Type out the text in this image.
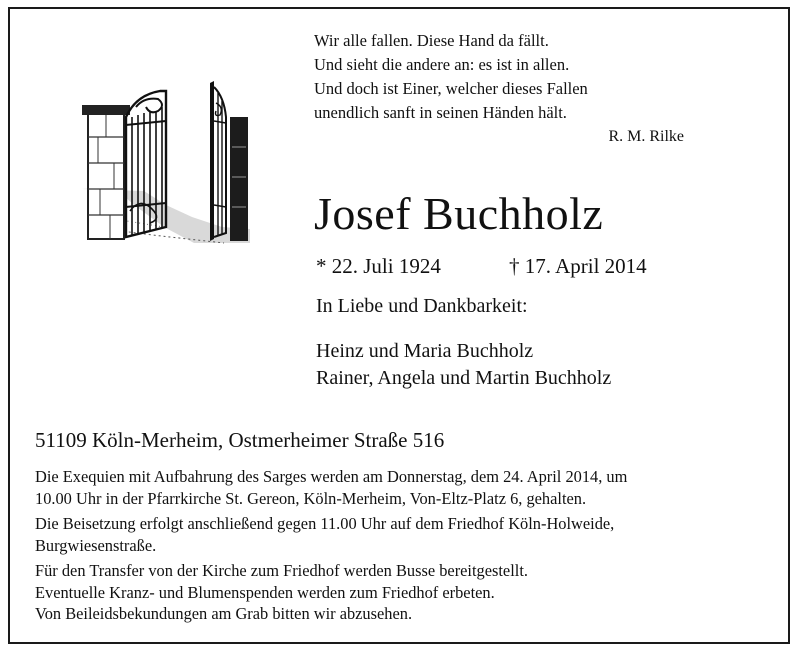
Wir alle fallen. Diese Hand da fällt.
Und sieht die andere an: es ist in allen.
Und doch ist Einer, welcher dieses Fallen
unendlich sanft in seinen Händen hält.
R. M. Rilke
Josef Buchholz
* 22. Juli 1924	† 17. April 2014
In Liebe und Dankbarkeit:
Heinz und Maria Buchholz
Rainer, Angela und Martin Buchholz
51109 Köln-Merheim, Ostmerheimer Straße 516
Die Exequien mit Aufbahrung des Sarges werden am Donnerstag, dem 24. April 2014, um
10.00 Uhr in der Pfarrkirche St. Gereon, Köln-Merheim, Von-Eltz-Platz 6, gehalten.
Die Beisetzung erfolgt anschließend gegen 11.00 Uhr auf dem Friedhof Köln-Holweide,
Burgwiesenstraße.
Für den Transfer von der Kirche zum Friedhof werden Busse bereitgestellt.
Eventuelle Kranz- und Blumenspenden werden zum Friedhof erbeten.
Von Beileidsbekundungen am Grab bitten wir abzusehen.
